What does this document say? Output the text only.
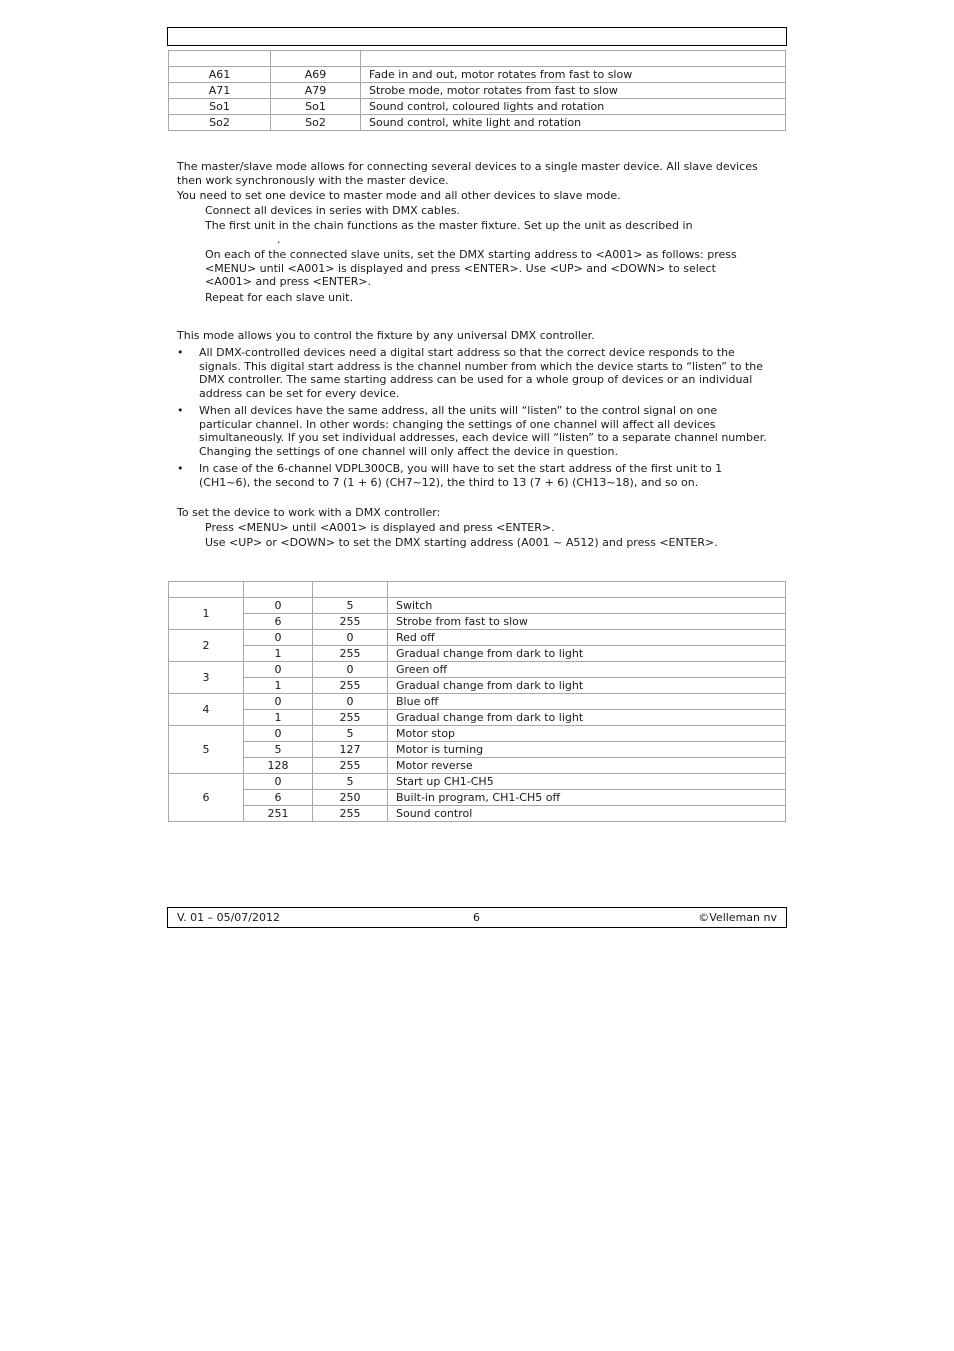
A61	A69	Fade in and out, motor rotates from fast to slow
A71	A79	Strobe mode, motor rotates from fast to slow
So1	So1	Sound control, coloured lights and rotation
So2	So2	Sound control, white light and rotation
The master/slave mode allows for connecting several devices to a single master device. All slave devices then work synchronously with the master device.
You need to set one device to master mode and all other devices to slave mode.
Connect all devices in series with DMX cables.
The first unit in the chain functions as the master fixture. Set up the unit as described in
.
On each of the connected slave units, set the DMX starting address to <A001> as follows: press <MENU> until <A001> is displayed and press <ENTER>. Use <UP> and <DOWN> to select <A001> and press <ENTER>.
Repeat for each slave unit.
This mode allows you to control the fixture by any universal DMX controller.
• All DMX-controlled devices need a digital start address so that the correct device responds to the signals. This digital start address is the channel number from which the device starts to “listen” to the DMX controller. The same starting address can be used for a whole group of devices or an individual address can be set for every device.
• When all devices have the same address, all the units will “listen” to the control signal on one particular channel. In other words: changing the settings of one channel will affect all devices simultaneously. If you set individual addresses, each device will “listen” to a separate channel number. Changing the settings of one channel will only affect the device in question.
• In case of the 6-channel VDPL300CB, you will have to set the start address of the first unit to 1 (CH1~6), the second to 7 (1 + 6) (CH7~12), the third to 13 (7 + 6) (CH13~18), and so on.
To set the device to work with a DMX controller:
Press <MENU> until <A001> is displayed and press <ENTER>.
Use <UP> or <DOWN> to set the DMX starting address (A001 ~ A512) and press <ENTER>.

1	0	5	Switch
	6	255	Strobe from fast to slow
2	0	0	Red off
	1	255	Gradual change from dark to light
3	0	0	Green off
	1	255	Gradual change from dark to light
4	0	0	Blue off
	1	255	Gradual change from dark to light
5	0	5	Motor stop
	5	127	Motor is turning
	128	255	Motor reverse
6	0	5	Start up CH1-CH5
	6	250	Built-in program, CH1-CH5 off
	251	255	Sound control
V. 01 – 05/07/2012	6	©Velleman nv
